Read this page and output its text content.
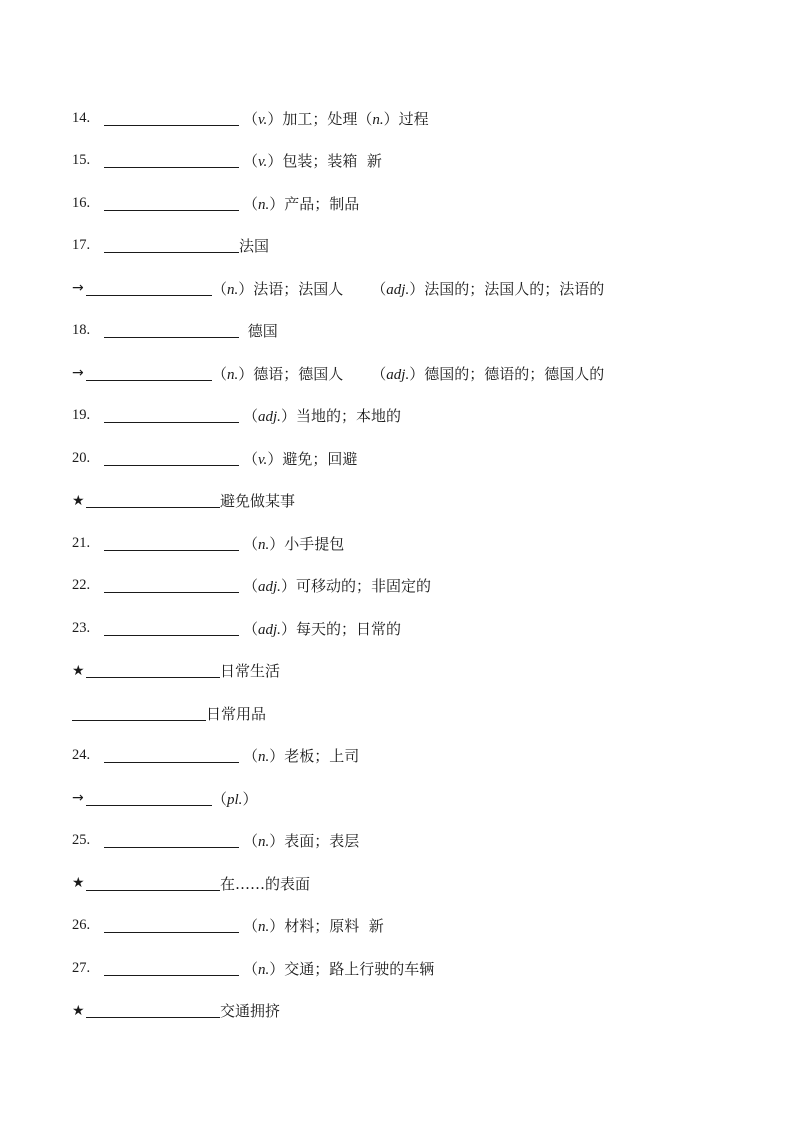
14.	（v.）加工；处理（n.）过程
15.	（v.）包装；装箱  新
16.	（n.）产品；制品
17.	法国
→	（n.）法语；法国人 （adj.）法国的；法国人的；法语的
18.	德国
→	（n.）德语；德国人 （adj.）德国的；德语的；德国人的
19.	（adj.）当地的；本地的
20.	（v.）避免；回避
★	避免做某事
21.	（n.）小手提包
22.	（adj.）可移动的；非固定的
23.	（adj.）每天的；日常的
★	日常生活
日常用品
24.	（n.）老板；上司
→	（pl.）
25.	（n.）表面；表层
★	在……的表面
26.	（n.）材料；原料  新
27.	（n.）交通；路上行驶的车辆
★	交通拥挤
